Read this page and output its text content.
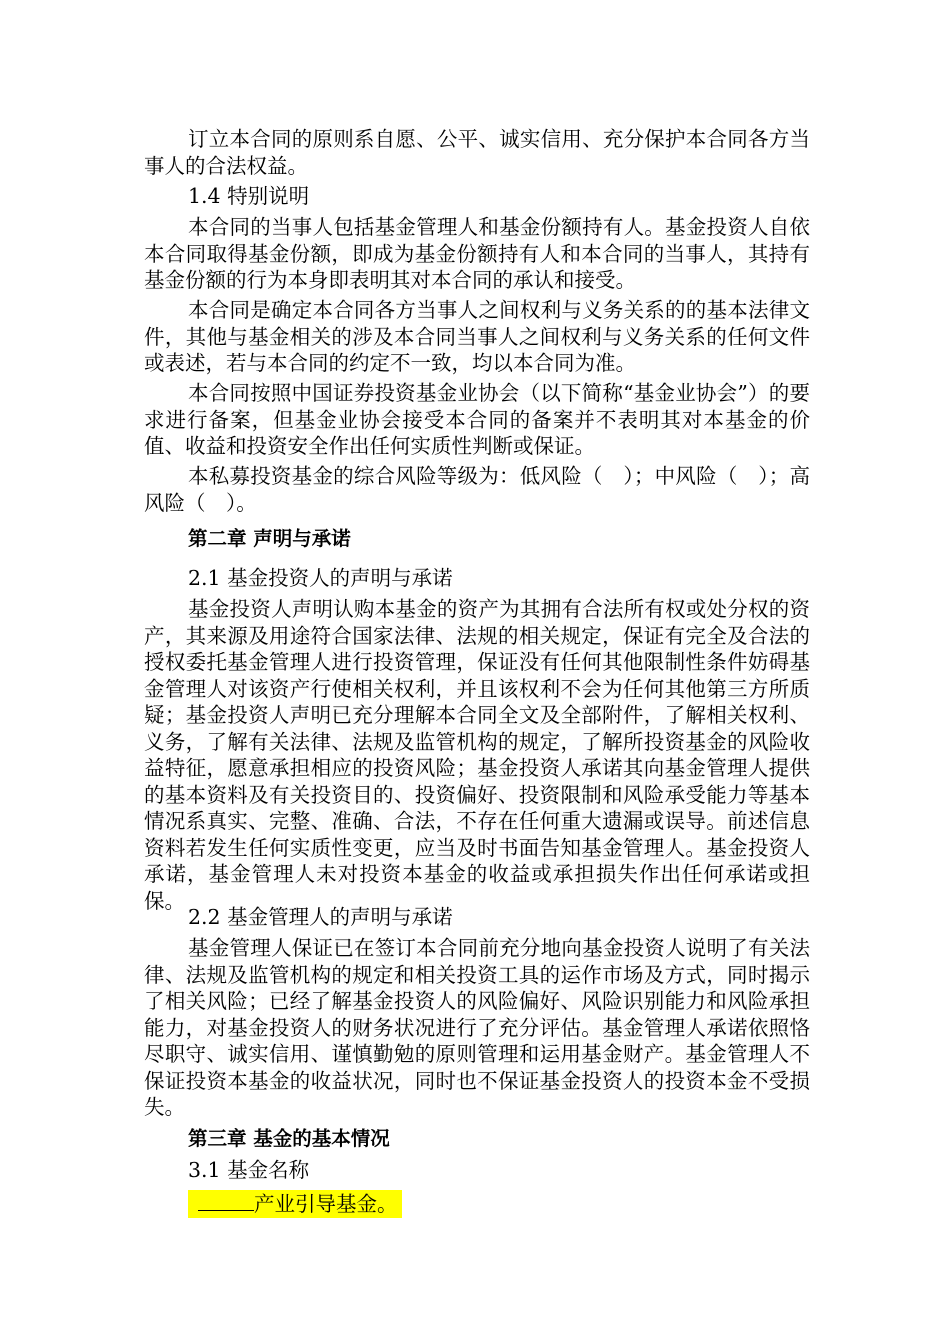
订立本合同的原则系自愿、公平、诚实信用、充分保护本合同各方当事人的合法权益。
1.4 特别说明
本合同的当事人包括基金管理人和基金份额持有人。基金投资人自依本合同取得基金份额，即成为基金份额持有人和本合同的当事人，其持有基金份额的行为本身即表明其对本合同的承认和接受。
本合同是确定本合同各方当事人之间权利与义务关系的的基本法律文件，其他与基金相关的涉及本合同当事人之间权利与义务关系的任何文件或表述，若与本合同的约定不一致，均以本合同为准。
本合同按照中国证券投资基金业协会（以下简称“基金业协会”）的要求进行备案，但基金业协会接受本合同的备案并不表明其对本基金的价值、收益和投资安全作出任何实质性判断或保证。
本私募投资基金的综合风险等级为：低风险（　）；中风险（　）；高风险（　）。
第二章 声明与承诺
2.1 基金投资人的声明与承诺
基金投资人声明认购本基金的资产为其拥有合法所有权或处分权的资产，其来源及用途符合国家法律、法规的相关规定，保证有完全及合法的授权委托基金管理人进行投资管理，保证没有任何其他限制性条件妨碍基金管理人对该资产行使相关权利，并且该权利不会为任何其他第三方所质疑；基金投资人声明已充分理解本合同全文及全部附件，了解相关权利、义务，了解有关法律、法规及监管机构的规定，了解所投资基金的风险收益特征，愿意承担相应的投资风险；基金投资人承诺其向基金管理人提供的基本资料及有关投资目的、投资偏好、投资限制和风险承受能力等基本情况系真实、完整、准确、合法，不存在任何重大遗漏或误导。前述信息资料若发生任何实质性变更，应当及时书面告知基金管理人。基金投资人承诺，基金管理人未对投资本基金的收益或承担损失作出任何承诺或担保。
2.2 基金管理人的声明与承诺
基金管理人保证已在签订本合同前充分地向基金投资人说明了有关法律、法规及监管机构的规定和相关投资工具的运作市场及方式，同时揭示了相关风险；已经了解基金投资人的风险偏好、风险识别能力和风险承担能力，对基金投资人的财务状况进行了充分评估。基金管理人承诺依照恪尽职守、诚实信用、谨慎勤勉的原则管理和运用基金财产。基金管理人不保证投资本基金的收益状况，同时也不保证基金投资人的投资本金不受损失。
第三章 基金的基本情况
3.1 基金名称
产业引导基金。
